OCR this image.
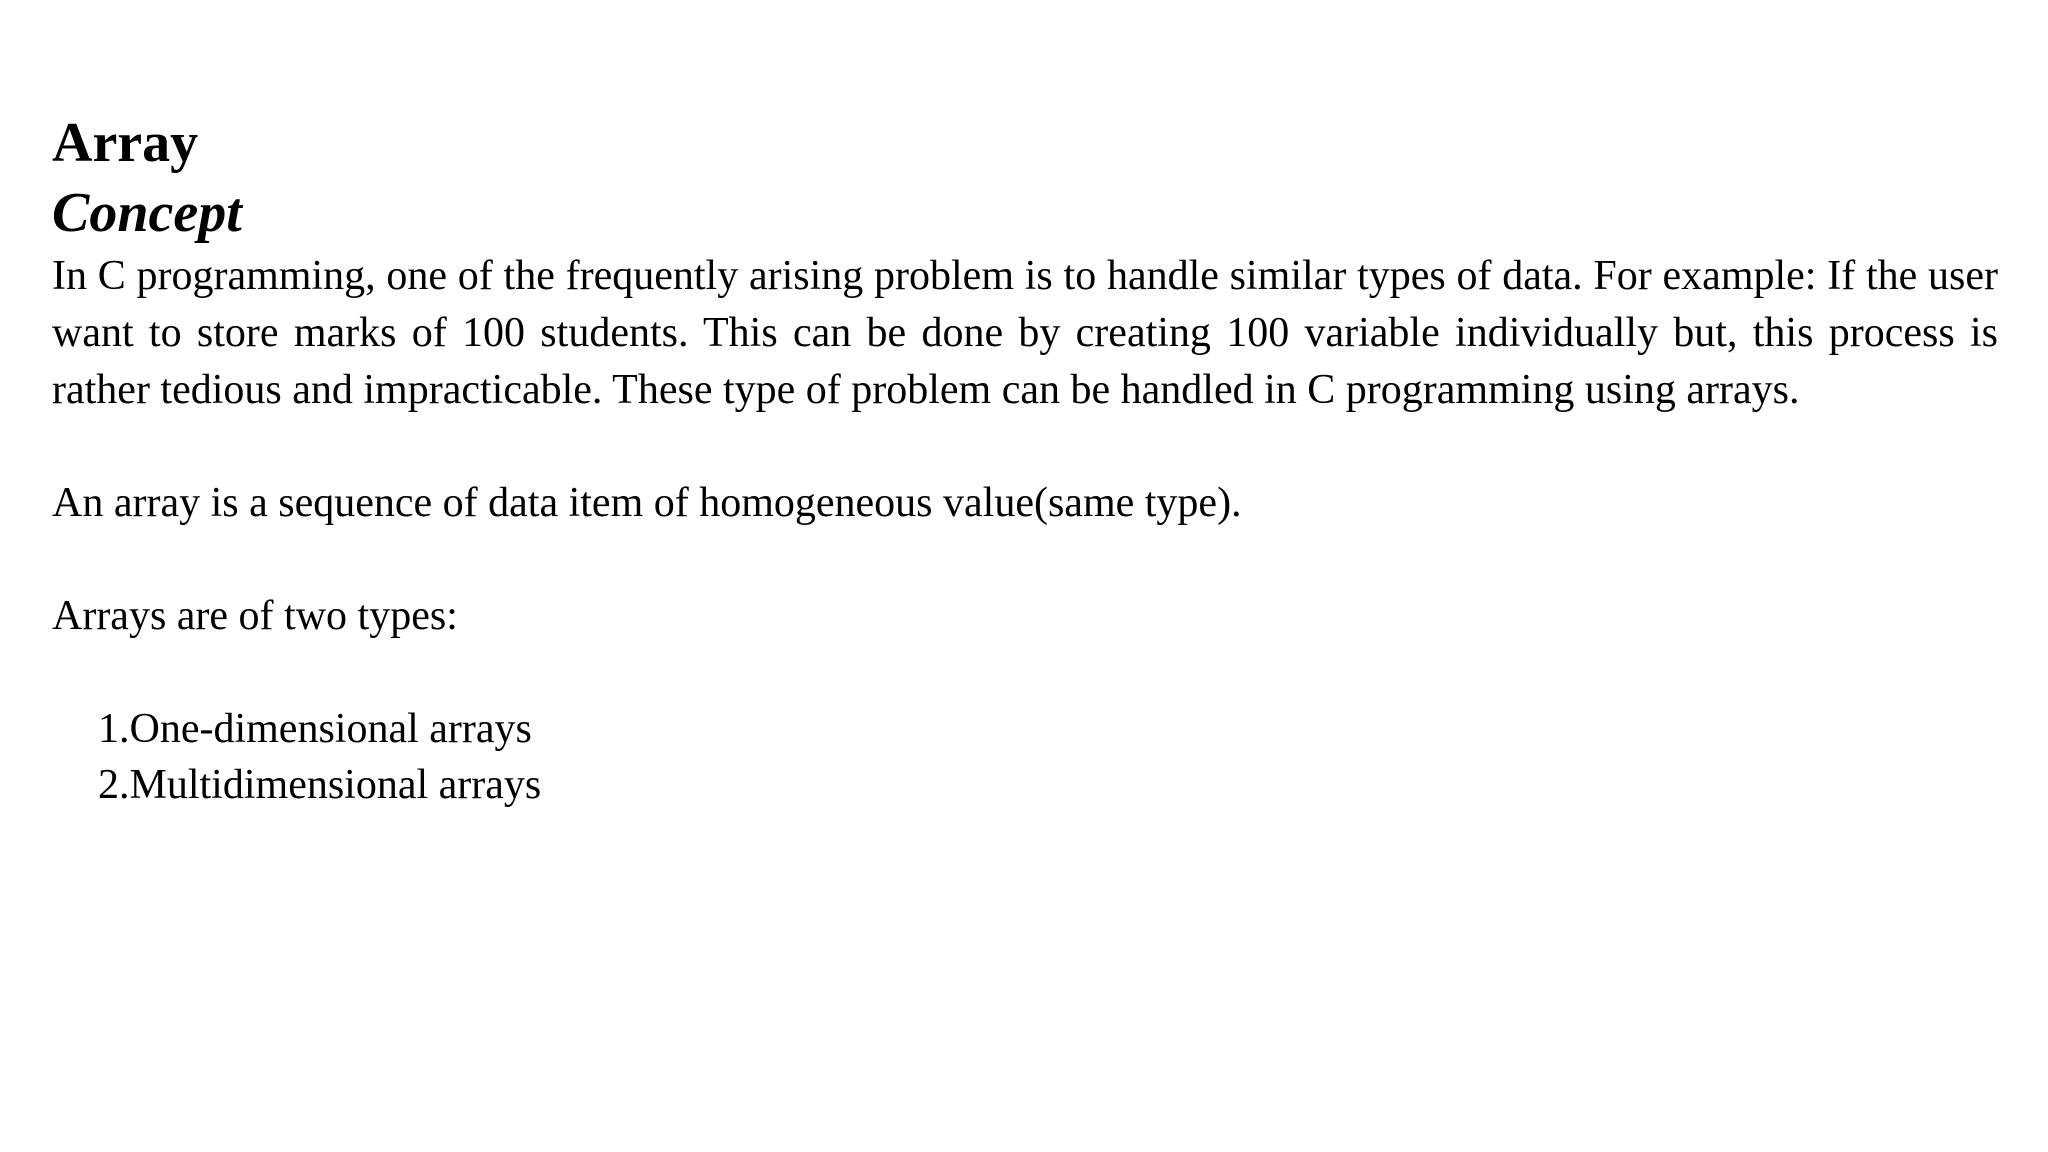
Array
Concept

In C programming, one of the frequently arising problem is to handle similar types of data. For example: If the user want to store marks of 100 students. This can be done by creating 100 variable individually but, this process is rather tedious and impracticable. These type of problem can be handled in C programming using arrays.

An array is a sequence of data item of homogeneous value(same type).

Arrays are of two types:

1.One-dimensional arrays
2.Multidimensional arrays
